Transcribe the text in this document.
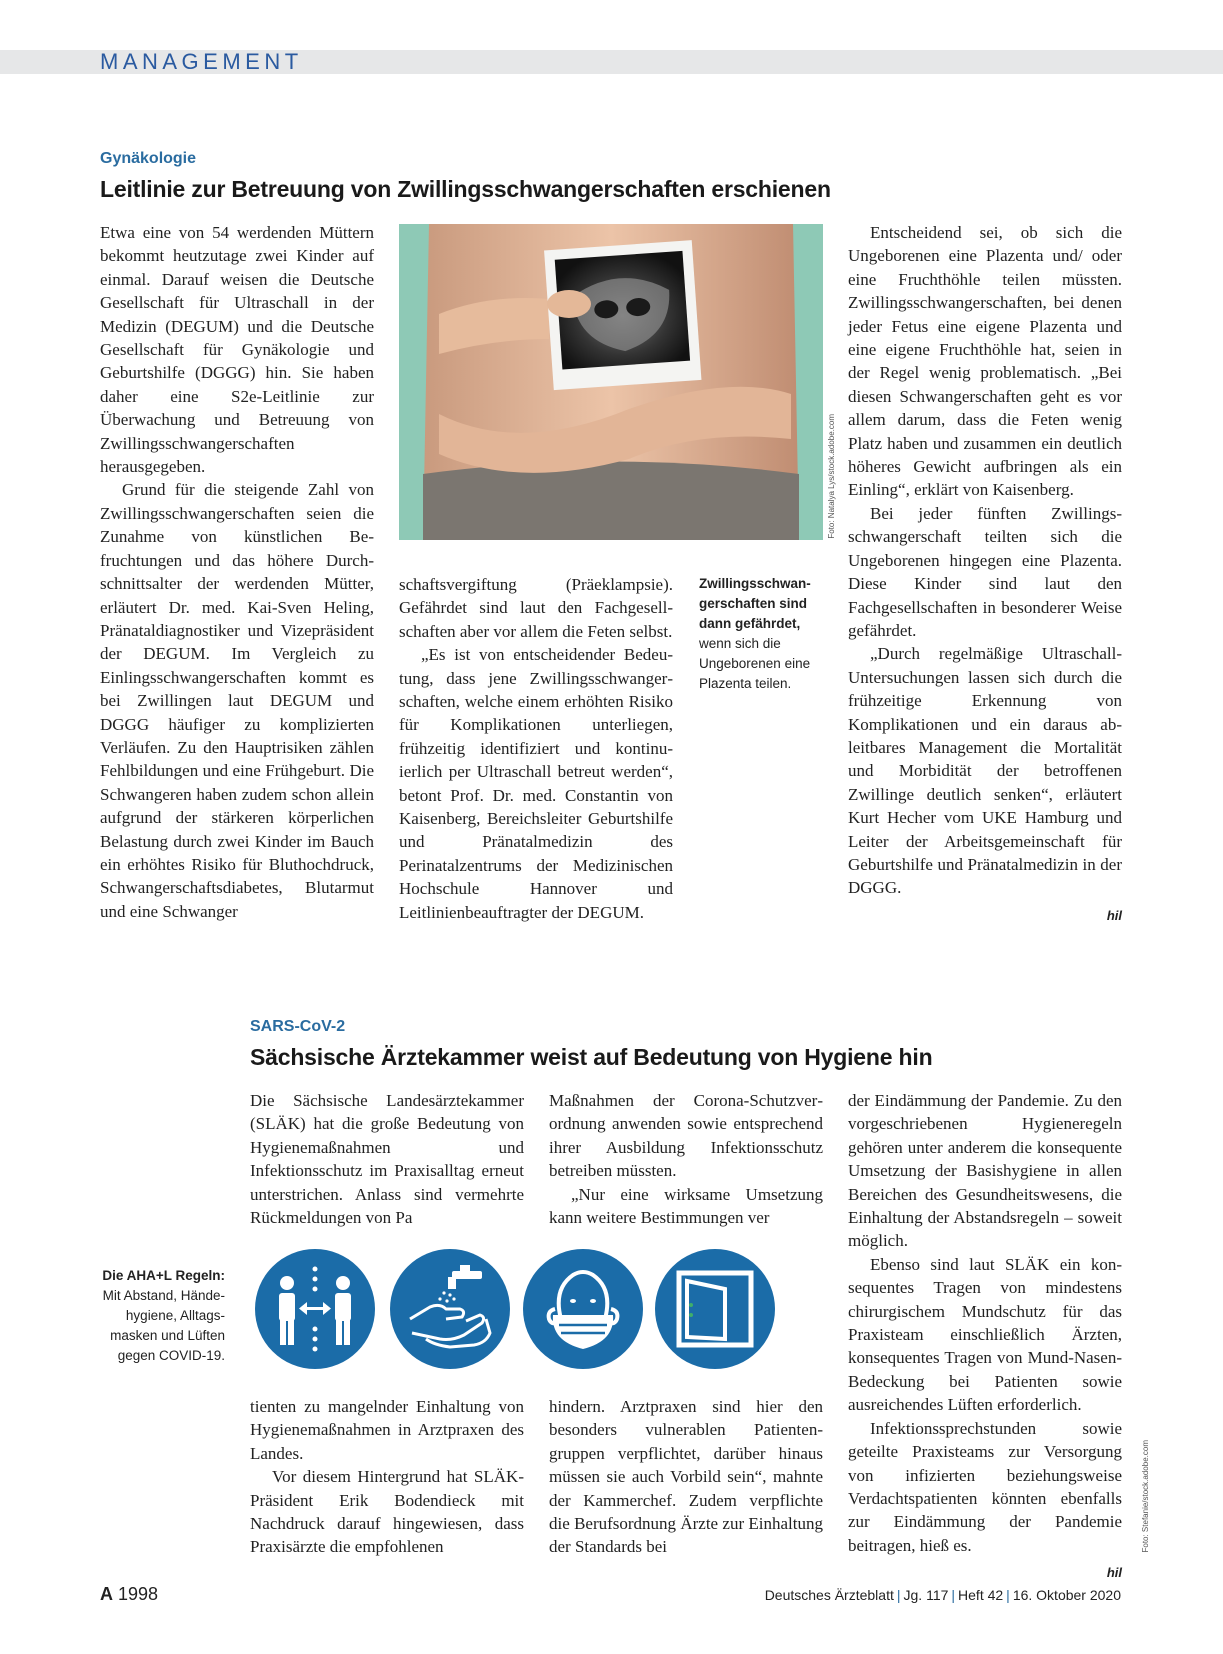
MANAGEMENT
Gynäkologie
Leitlinie zur Betreuung von Zwillingsschwangerschaften erschienen

Etwa eine von 54 werdenden Müttern bekommt heutzutage zwei Kinder auf einmal. Darauf weisen die Deutsche Gesellschaft für Ultraschall in der Medizin (DEGUM) und die Deutsche Gesellschaft für Gynäkologie und Geburtshilfe (DGGG) hin. Sie haben daher eine S2e-Leitlinie zur Überwachung und Betreuung von Zwillingsschwangerschaften herausgegeben.

Grund für die steigende Zahl von Zwillingsschwangerschaften seien die Zunahme von künstlichen Befruchtungen und das höhere Durchschnittsalter der werdenden Mütter, erläutert Dr. med. Kai-Sven Heling, Pränataldiagnostiker und Vizepräsident der DEGUM. Im Vergleich zu Einlingsschwangerschaften kommt es bei Zwillingen laut DEGUM und DGGG häufiger zu komplizierten Verläufen. Zu den Hauptrisiken zählen Fehlbildungen und eine Frühgeburt. Die Schwangeren haben zudem schon allein aufgrund der stärkeren körperlichen Belastung durch zwei Kinder im Bauch ein erhöhtes Risiko für Bluthochdruck, Schwangerschaftsdiabetes, Blutarmut und eine Schwanger

Foto: Natalya Lys/stock.adobe.com

schaftsvergiftung (Präeklampsie). Gefährdet sind laut den Fachgesellschaften aber vor allem die Feten selbst.

„Es ist von entscheidender Bedeutung, dass jene Zwillingsschwangerschaften, welche einem erhöhten Risiko für Komplikationen unterliegen, frühzeitig identifiziert und kontinuierlich per Ultraschall betreut werden“, betont Prof. Dr. med. Constantin von Kaisenberg, Bereichsleiter Geburtshilfe und Pränatalmedizin des Perinatalzentrums der Medizinischen Hochschule Hannover und Leitlinienbeauftragter der DEGUM.

Zwillingsschwangerschaften sind dann gefährdet, wenn sich die Ungeborenen eine Plazenta teilen.

Entscheidend sei, ob sich die Ungeborenen eine Plazenta und/ oder eine Fruchthöhle teilen müssten. Zwillingsschwangerschaften, bei denen jeder Fetus eine eigene Plazenta und eine eigene Fruchthöhle hat, seien in der Regel wenig problematisch. „Bei diesen Schwangerschaften geht es vor allem darum, dass die Feten wenig Platz haben und zusammen ein deutlich höheres Gewicht aufbringen als ein Einling“, erklärt von Kaisenberg.

Bei jeder fünften Zwillingsschwangerschaft teilten sich die Ungeborenen hingegen eine Plazenta. Diese Kinder sind laut den Fachgesellschaften in besonderer Weise gefährdet.

„Durch regelmäßige Ultraschall-Untersuchungen lassen sich durch die frühzeitige Erkennung von Komplikationen und ein daraus ableitbares Management die Mortalität und Morbidität der betroffenen Zwillinge deutlich senken“, erläutert Kurt Hecher vom UKE Hamburg und Leiter der Arbeitsgemeinschaft für Geburtshilfe und Pränatalmedizin in der DGGG.

hil
SARS-CoV-2
Sächsische Ärztekammer weist auf Bedeutung von Hygiene hin

Die Sächsische Landesärztekammer (SLÄK) hat die große Bedeutung von Hygienemaßnahmen und Infektionsschutz im Praxisalltag erneut unterstrichen. Anlass sind vermehrte Rückmeldungen von Pa

Maßnahmen der Corona-Schutzverordnung anwenden sowie entsprechend ihrer Ausbildung Infektionsschutz betreiben müssten.

„Nur eine wirksame Umsetzung kann weitere Bestimmungen ver

Die AHA+L Regeln: Mit Abstand, Händehygiene, Alltagsmasken und Lüften gegen COVID-19.

tienten zu mangelnder Einhaltung von Hygienemaßnahmen in Arztpraxen des Landes.

Vor diesem Hintergrund hat SLÄK-Präsident Erik Bodendieck mit Nachdruck darauf hingewiesen, dass Praxisärzte die empfohlenen

hindern. Arztpraxen sind hier den besonders vulnerablen Patientengruppen verpflichtet, darüber hinaus müssen sie auch Vorbild sein“, mahnte der Kammerchef. Zudem verpflichte die Berufsordnung Ärzte zur Einhaltung der Standards bei

der Eindämmung der Pandemie. Zu den vorgeschriebenen Hygieneregeln gehören unter anderem die konsequente Umsetzung der Basishygiene in allen Bereichen des Gesundheitswesens, die Einhaltung der Abstandsregeln – soweit möglich.

Ebenso sind laut SLÄK ein konsequentes Tragen von mindestens chirurgischem Mundschutz für das Praxisteam einschließlich Ärzten, konsequentes Tragen von Mund-Nasen-Bedeckung bei Patienten sowie ausreichendes Lüften erforderlich.

Infektionssprechstunden sowie geteilte Praxisteams zur Versorgung von infizierten beziehungsweise Verdachtspatienten könnten ebenfalls zur Eindämmung der Pandemie beitragen, hieß es.

hil
Foto: Stefanie/stock.adobe.com
A 1998	Deutsches Ärzteblatt | Jg. 117 | Heft 42 | 16. Oktober 2020
